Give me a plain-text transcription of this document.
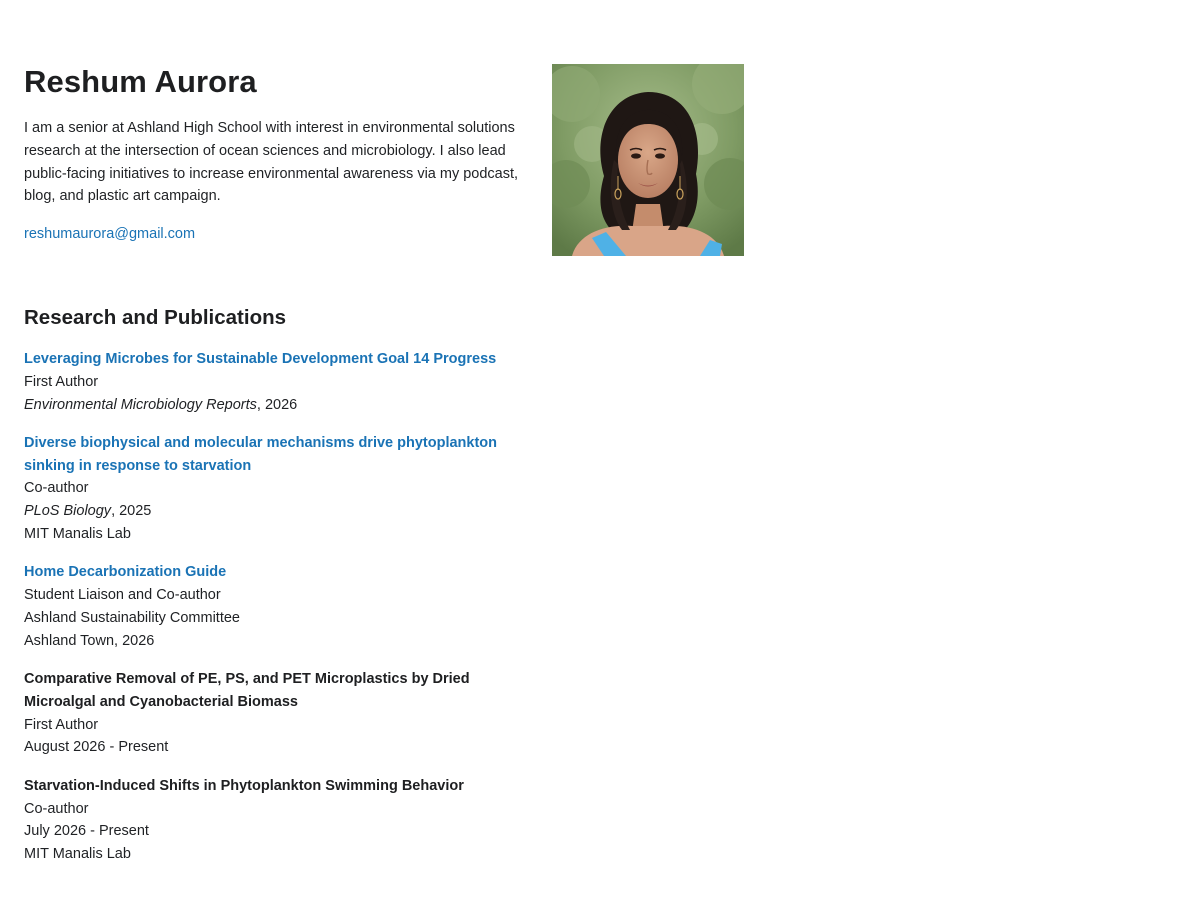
Reshum Aurora

I am a senior at Ashland High School with interest in environmental solutions research at the intersection of ocean sciences and microbiology. I also lead public-facing initiatives to increase environmental awareness via my podcast, blog, and plastic art campaign.

reshumaurora@gmail.com
Research and Publications
Leveraging Microbes for Sustainable Development Goal 14 Progress
First Author
Environmental Microbiology Reports, 2026
Diverse biophysical and molecular mechanisms drive phytoplankton sinking in response to starvation
Co-author
PLoS Biology, 2025
MIT Manalis Lab
Home Decarbonization Guide
Student Liaison and Co-author
Ashland Sustainability Committee
Ashland Town, 2026
Comparative Removal of PE, PS, and PET Microplastics by Dried Microalgal and Cyanobacterial Biomass
First Author
August 2026 - Present
Starvation-Induced Shifts in Phytoplankton Swimming Behavior
Co-author
July 2026 - Present
MIT Manalis Lab
